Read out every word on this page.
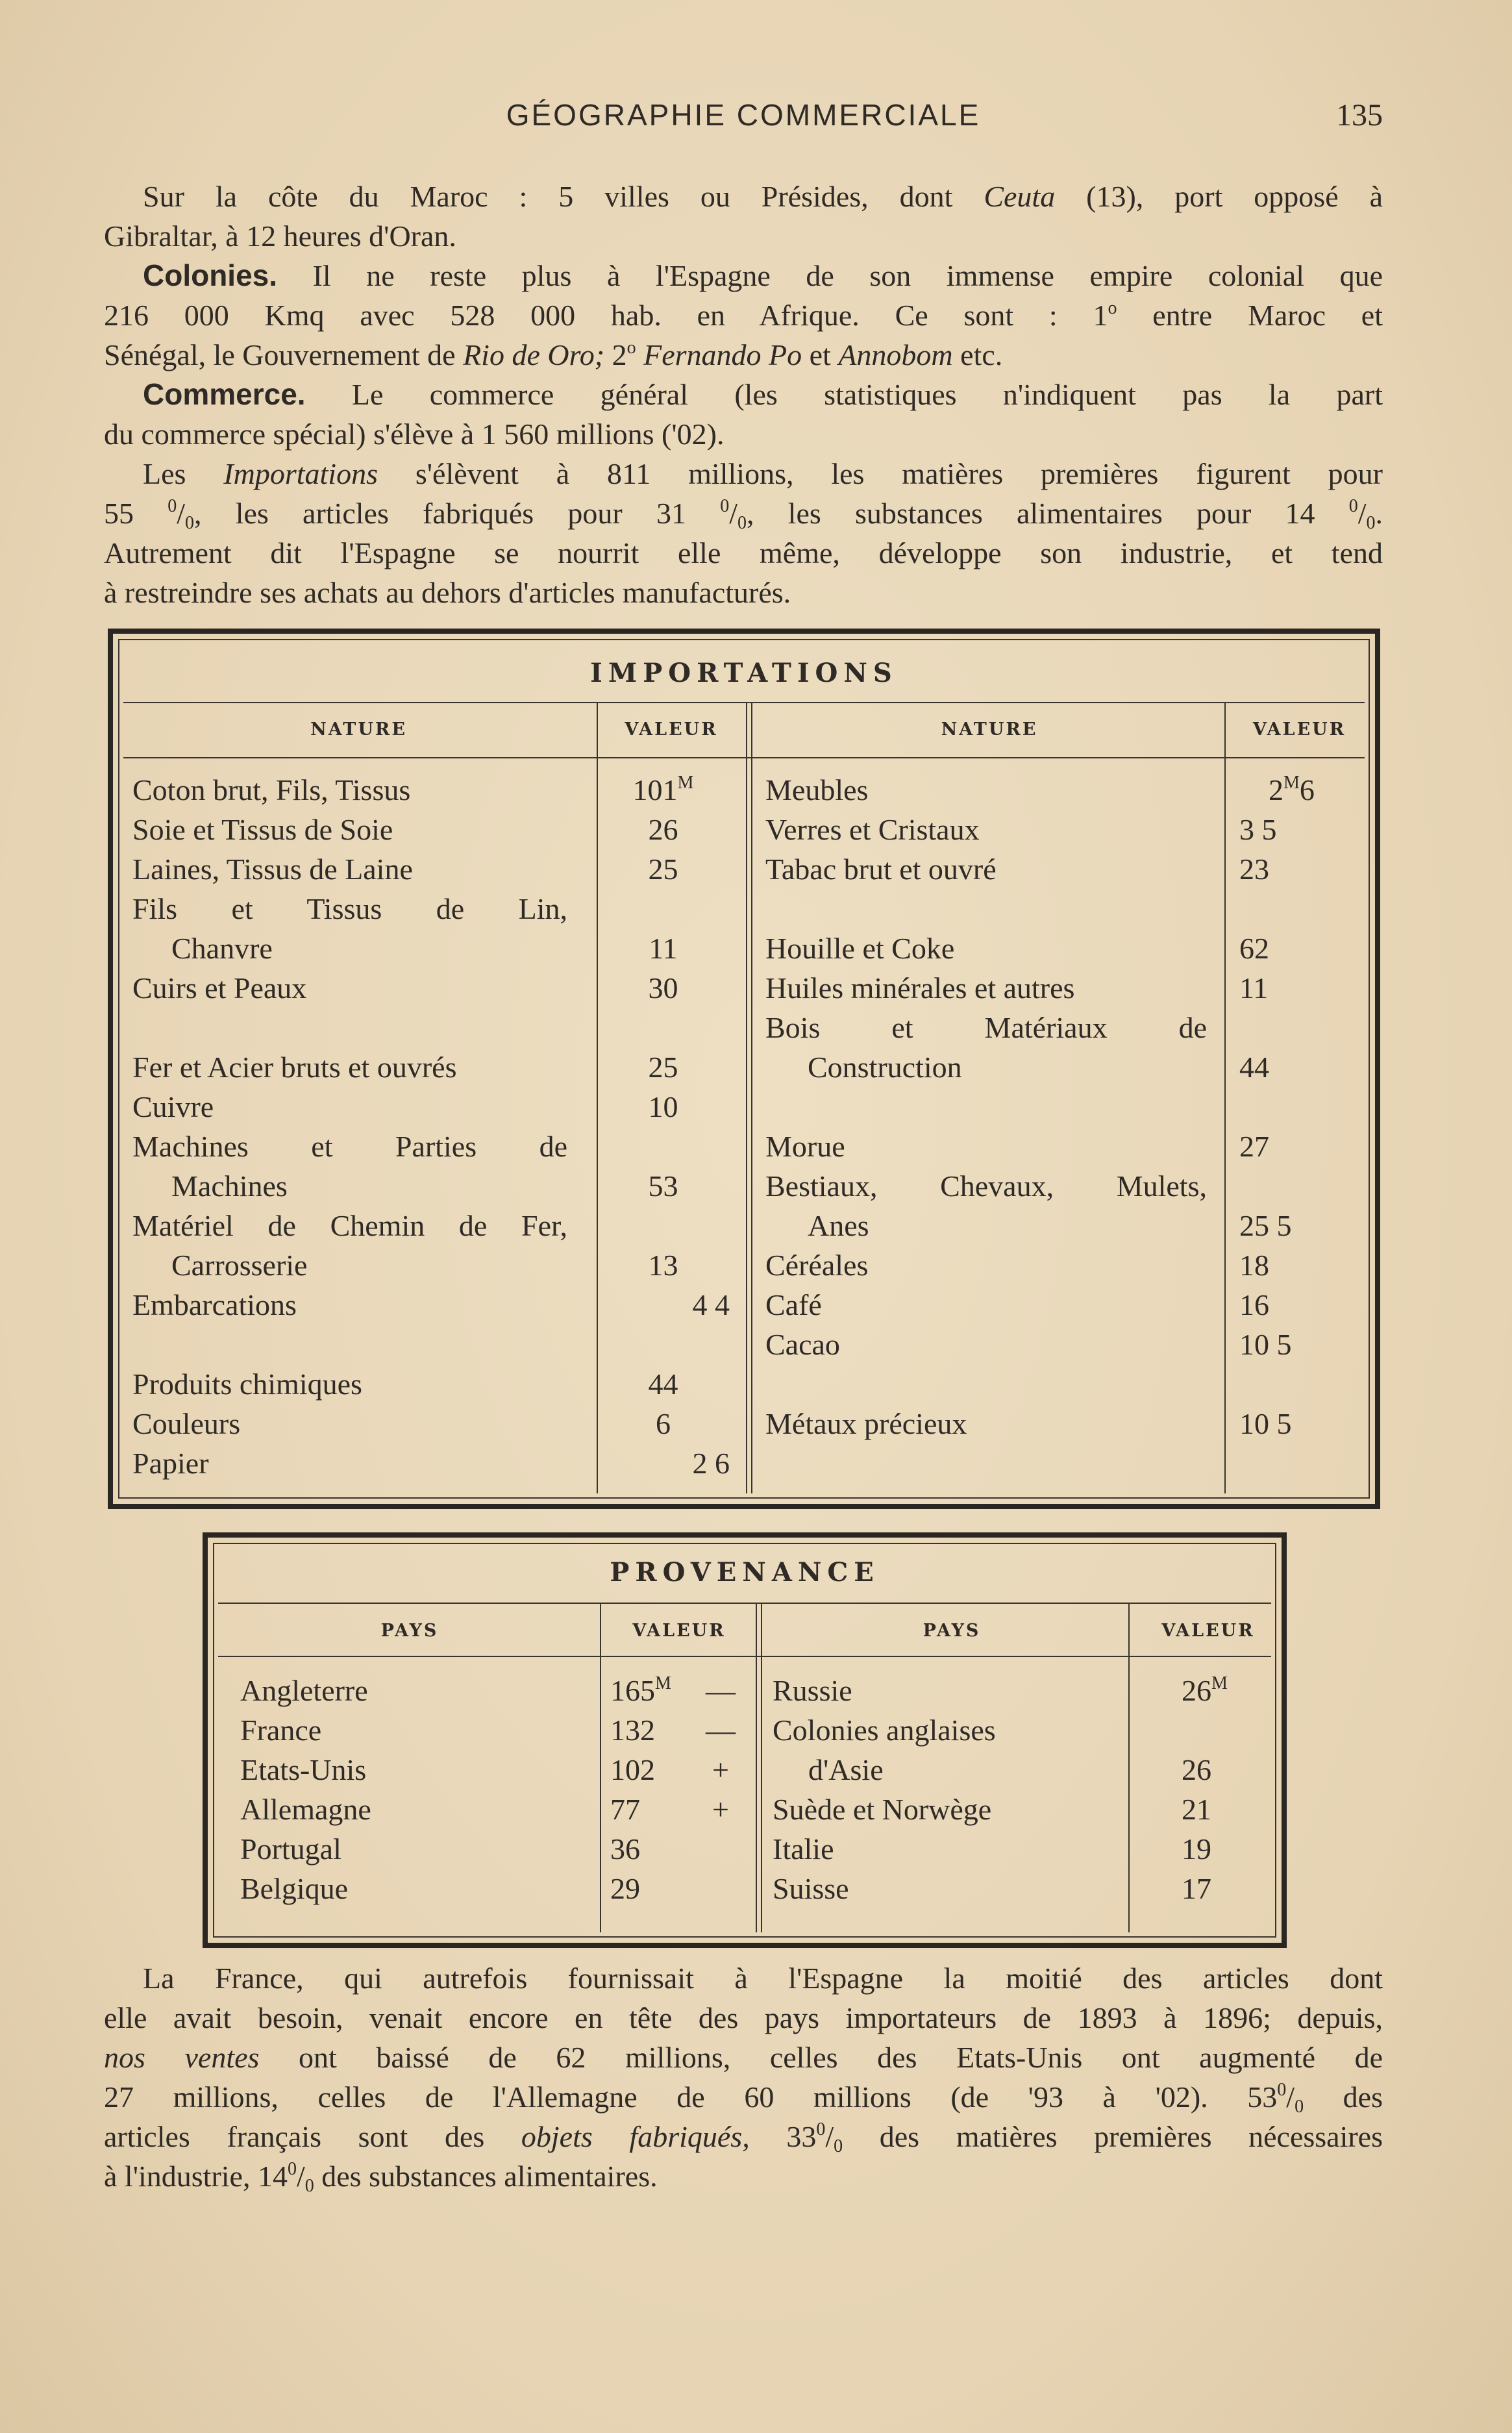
GÉOGRAPHIE COMMERCIALE	135
Sur la côte du Maroc : 5 villes ou Présides, dont Ceuta (13), port opposé à
Gibraltar, à 12 heures d'Oran.
Colonies. Il ne reste plus à l'Espagne de son immense empire colonial que
216 000 Kmq avec 528 000 hab. en Afrique. Ce sont : 1$^o$ entre Maroc et
Sénégal, le Gouvernement de Rio de Oro; 2$^o$ Fernando Po et Annobom etc.
Commerce. Le commerce général (les statistiques n'indiquent pas la part
du commerce spécial) s'élève à 1 560 millions ('02).
Les Importations s'élèvent à 811 millions, les matières premières figurent pour
55 $^0/_0$, les articles fabriqués pour 31 $^0/_0$, les substances alimentaires pour 14 $^0/_0$.
Autrement dit l'Espagne se nourrit elle même, développe son industrie, et tend
à restreindre ses achats au dehors d'articles manufacturés.
IMPORTATIONS
NATURE	VALEUR	NATURE	VALEUR
Coton brut, Fils, Tissus	$101^M$
Soie et Tissus de Soie	26
Laines, Tissus de Laine	25
Fils et Tissus de Lin,
Chanvre	11
Cuirs et Peaux	30
Fer et Acier bruts et ouvrés	25
Cuivre	10
Machines et Parties de
Machines	53
Matériel de Chemin de Fer,
Carrosserie	13
Embarcations	4 4
Produits chimiques	44
Couleurs	6
Papier	2 6
Meubles	$2^M6$
Verres et Cristaux	3 5
Tabac brut et ouvré	23
Houille et Coke	62
Huiles minérales et autres	11
Bois et Matériaux de
Construction	44
Morue	27
Bestiaux, Chevaux, Mulets,
Anes	25 5
Céréales	18
Café	16
Cacao	10 5
Métaux précieux	10 5
PROVENANCE
PAYS	VALEUR	PAYS	VALEUR
Angleterre	$165^M$	—
France	132	—
Etats-Unis	102	+
Allemagne	77	+
Portugal	36
Belgique	29
Russie	$26^M$
Colonies anglaises
d'Asie	26
Suède et Norwège	21
Italie	19
Suisse	17
La France, qui autrefois fournissait à l'Espagne la moitié des articles dont
elle avait besoin, venait encore en tête des pays importateurs de 1893 à 1896; depuis,
nos ventes ont baissé de 62 millions, celles des Etats-Unis ont augmenté de
27 millions, celles de l'Allemagne de 60 millions (de '93 à '02). $53^0/_0$ des
articles français sont des objets fabriqués, $33^0/_0$ des matières premières nécessaires
à l'industrie, $14^0/_0$ des substances alimentaires.
